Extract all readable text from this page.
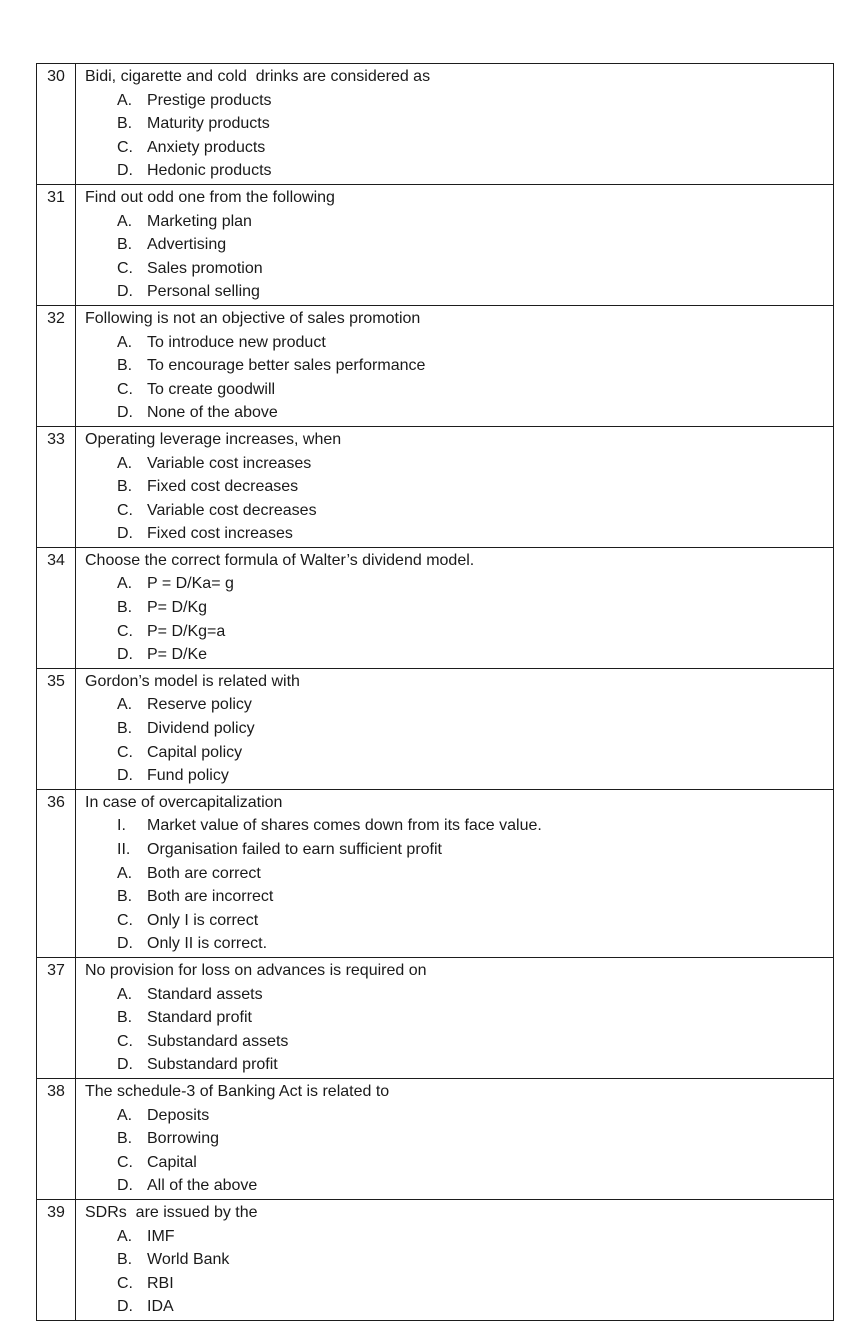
30	Bidi, cigarette and cold  drinks are considered as
A. Prestige products
B. Maturity products
C. Anxiety products
D. Hedonic products
31	Find out odd one from the following
A. Marketing plan
B. Advertising
C. Sales promotion
D. Personal selling
32	Following is not an objective of sales promotion
A. To introduce new product
B. To encourage better sales performance
C. To create goodwill
D. None of the above
33	Operating leverage increases, when
A. Variable cost increases
B. Fixed cost decreases
C. Variable cost decreases
D. Fixed cost increases
34	Choose the correct formula of Walter’s dividend model.
A. P = D/Ka= g
B. P= D/Kg
C. P= D/Kg=a
D. P= D/Ke
35	Gordon’s model is related with
A. Reserve policy
B. Dividend policy
C. Capital policy
D. Fund policy
36	In case of overcapitalization
I.	Market value of shares comes down from its face value.
II.	Organisation failed to earn sufficient profit
A. Both are correct
B. Both are incorrect
C. Only I is correct
D. Only II is correct.
37	No provision for loss on advances is required on
A. Standard assets
B. Standard profit
C. Substandard assets
D. Substandard profit
38	The schedule-3 of Banking Act is related to
A. Deposits
B. Borrowing
C. Capital
D. All of the above
39	SDRs  are issued by the
A. IMF
B. World Bank
C. RBI
D. IDA
